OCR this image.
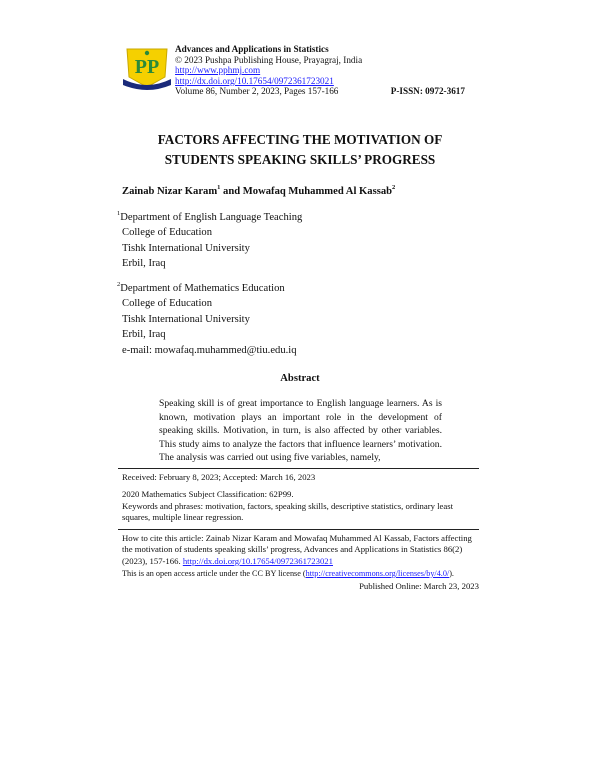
PP
Advances and Applications in Statistics
© 2023 Pushpa Publishing House, Prayagraj, India
http://www.pphmj.com
http://dx.doi.org/10.17654/0972361723021
Volume 86, Number 2, 2023, Pages 157-166	P-ISSN: 0972-3617
FACTORS AFFECTING THE MOTIVATION OF
STUDENTS SPEAKING SKILLS’ PROGRESS
Zainab Nizar Karam$^1$ and Mowafaq Muhammed Al Kassab$^2$
$^1$Department of English Language Teaching
College of Education
Tishk International University
Erbil, Iraq
$^2$Department of Mathematics Education
College of Education
Tishk International University
Erbil, Iraq
e-mail: mowafaq.muhammed@tiu.edu.iq
Abstract
Speaking skill is of great importance to English language learners. As is known, motivation plays an important role in the development of speaking skills. Motivation, in turn, is also affected by other variables. This study aims to analyze the factors that influence learners’ motivation. The analysis was carried out using five variables, namely,
Received: February 8, 2023; Accepted: March 16, 2023
2020 Mathematics Subject Classification: 62P99.
Keywords and phrases: motivation, factors, speaking skills, descriptive statistics, ordinary least squares, multiple linear regression.
How to cite this article: Zainab Nizar Karam and Mowafaq Muhammed Al Kassab, Factors affecting the motivation of students speaking skills’ progress, Advances and Applications in Statistics 86(2) (2023), 157-166. http://dx.doi.org/10.17654/0972361723021
This is an open access article under the CC BY license (http://creativecommons.org/licenses/by/4.0/).
Published Online: March 23, 2023
